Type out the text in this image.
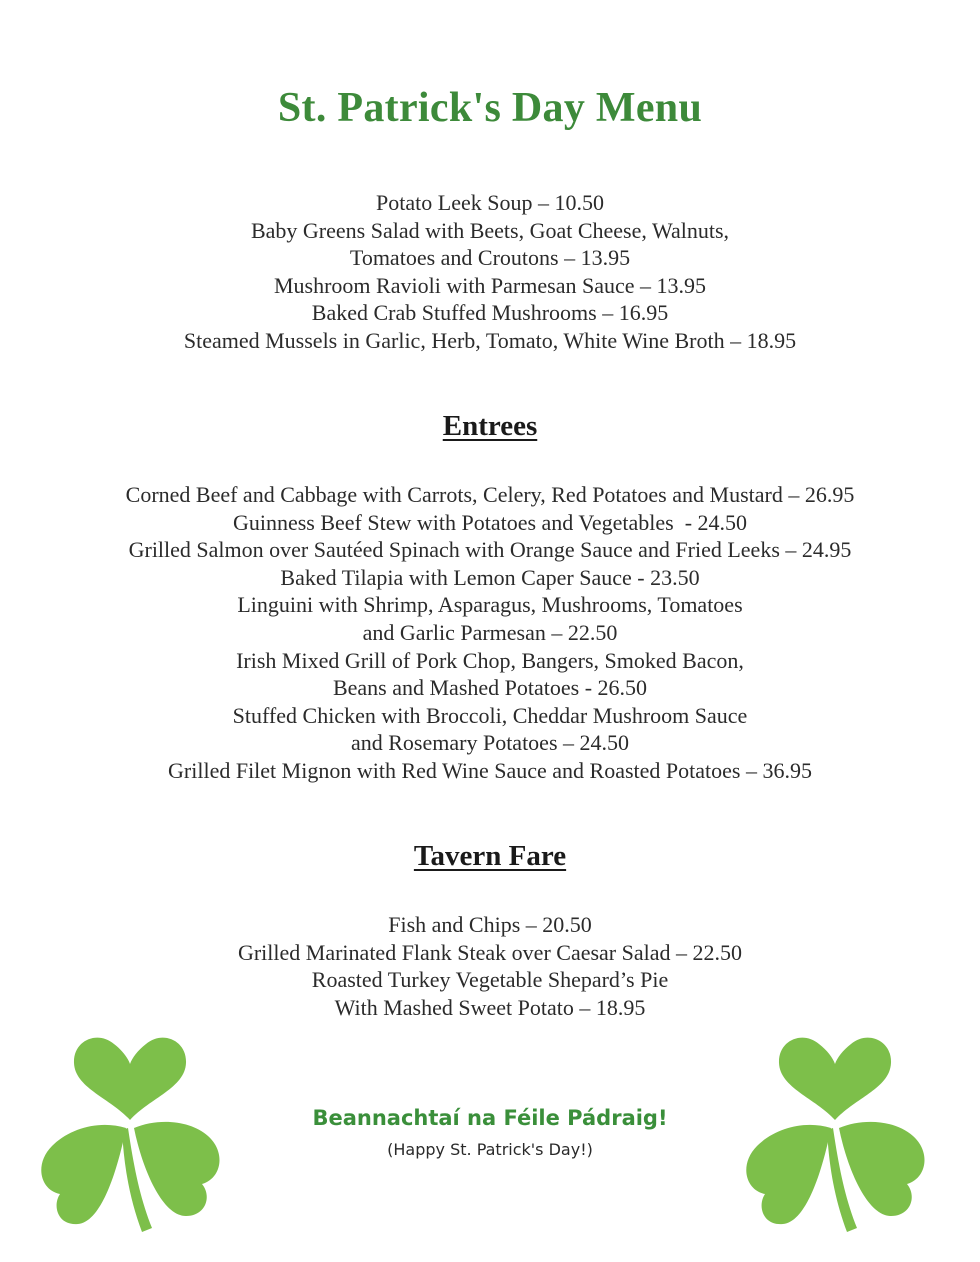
St. Patrick's Day Menu
Potato Leek Soup – 10.50
Baby Greens Salad with Beets, Goat Cheese, Walnuts,
Tomatoes and Croutons – 13.95
Mushroom Ravioli with Parmesan Sauce – 13.95
Baked Crab Stuffed Mushrooms – 16.95
Steamed Mussels in Garlic, Herb, Tomato, White Wine Broth – 18.95
Entrees
Corned Beef and Cabbage with Carrots, Celery, Red Potatoes and Mustard – 26.95
Guinness Beef Stew with Potatoes and Vegetables  - 24.50
Grilled Salmon over Sautéed Spinach with Orange Sauce and Fried Leeks – 24.95
Baked Tilapia with Lemon Caper Sauce - 23.50
Linguini with Shrimp, Asparagus, Mushrooms, Tomatoes
and Garlic Parmesan – 22.50
Irish Mixed Grill of Pork Chop, Bangers, Smoked Bacon,
Beans and Mashed Potatoes - 26.50
Stuffed Chicken with Broccoli, Cheddar Mushroom Sauce
and Rosemary Potatoes – 24.50
Grilled Filet Mignon with Red Wine Sauce and Roasted Potatoes – 36.95
Tavern Fare
Fish and Chips – 20.50
Grilled Marinated Flank Steak over Caesar Salad – 22.50
Roasted Turkey Vegetable Shepard’s Pie
With Mashed Sweet Potato – 18.95
Beannachtaí na Féile Pádraig!
(Happy St. Patrick's Day!)
